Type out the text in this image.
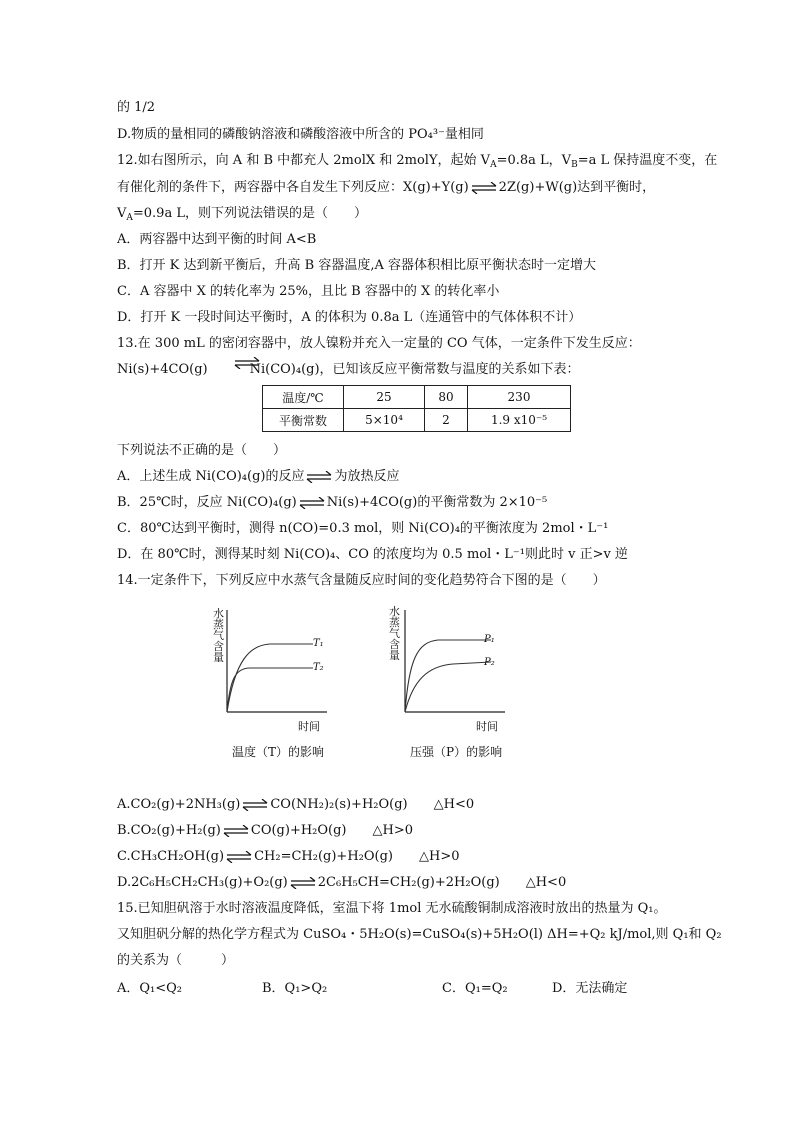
的 1/2
D.物质的量相同的磷酸钠溶液和磷酸溶液中所含的 PO₄³⁻量相同
12.如右图所示，向 A 和 B 中都充人 2molX 和 2molY，起始 $V_A=0.8a$ L，$V_B=a$ L 保持温度不变，在
有催化剂的条件下，两容器中各自发生下列反应：X(g)+Y(g) ⇌ 2Z(g)+W(g)达到平衡时，
$V_A=0.9a$ L，则下列说法错误的是（　　）
A．两容器中达到平衡的时间 A<B
B．打开 K 达到新平衡后，升高 B 容器温度,A 容器体积相比原平衡状态时一定增大
C．A 容器中 X 的转化率为 25%，且比 B 容器中的 X 的转化率小
D．打开 K 一段时间达平衡时，A 的体积为 0.8a L（连通管中的气体体积不计）
13.在 300 mL 的密闭容器中，放人镍粉并充入一定量的 CO 气体，一定条件下发生反应：
Ni(s)+4CO(g)	Ni(CO)₄(g)，已知该反应平衡常数与温度的关系如下表：
温度/℃	25	80	230
平衡常数	5×10⁴	2	1.9 x10⁻⁵
下列说法不正确的是（　　）
A．上述生成 Ni(CO)₄(g)的反应 ⇌ 为放热反应
B．25℃时，反应 Ni(CO)₄(g) ⇌ Ni(s)+4CO(g)的平衡常数为 2×10⁻⁵
C．80℃达到平衡时，测得 n(CO)=0.3 mol，则 Ni(CO)₄的平衡浓度为 2mol・L⁻¹
D．在 80℃时，测得某时刻 Ni(CO)₄、CO 的浓度均为 0.5 mol・L⁻¹则此时 v 正>v 逆
14.一定条件下，下列反应中水蒸气含量随反应时间的变化趋势符合下图的是（　　）
水蒸气含量
T₁
T₂
时间
温度（T）的影响
水蒸气含量
P₁
P₂
时间
压强（P）的影响
A.CO₂(g)+2NH₃(g) ⇌ CO(NH₂)₂(s)+H₂O(g)　　△H<0
B.CO₂(g)+H₂(g) ⇌ CO(g)+H₂O(g)　　△H>0
C.CH₃CH₂OH(g) ⇌ CH₂=CH₂(g)+H₂O(g)　　△H>0
D.2C₆H₅CH₂CH₃(g)+O₂(g) ⇌ 2C₆H₅CH=CH₂(g)+2H₂O(g)　　△H<0
15.已知胆矾溶于水时溶液温度降低，室温下将 1mol 无水硫酸铜制成溶液时放出的热量为 Q₁。
又知胆矾分解的热化学方程式为 CuSO₄・5H₂O(s)=CuSO₄(s)+5H₂O(l) ΔH=+Q₂ kJ/mol,则 Q₁和 Q₂
的关系为（　　　）
A．Q₁<Q₂	B．Q₁>Q₂	C．Q₁=Q₂	D．无法确定
